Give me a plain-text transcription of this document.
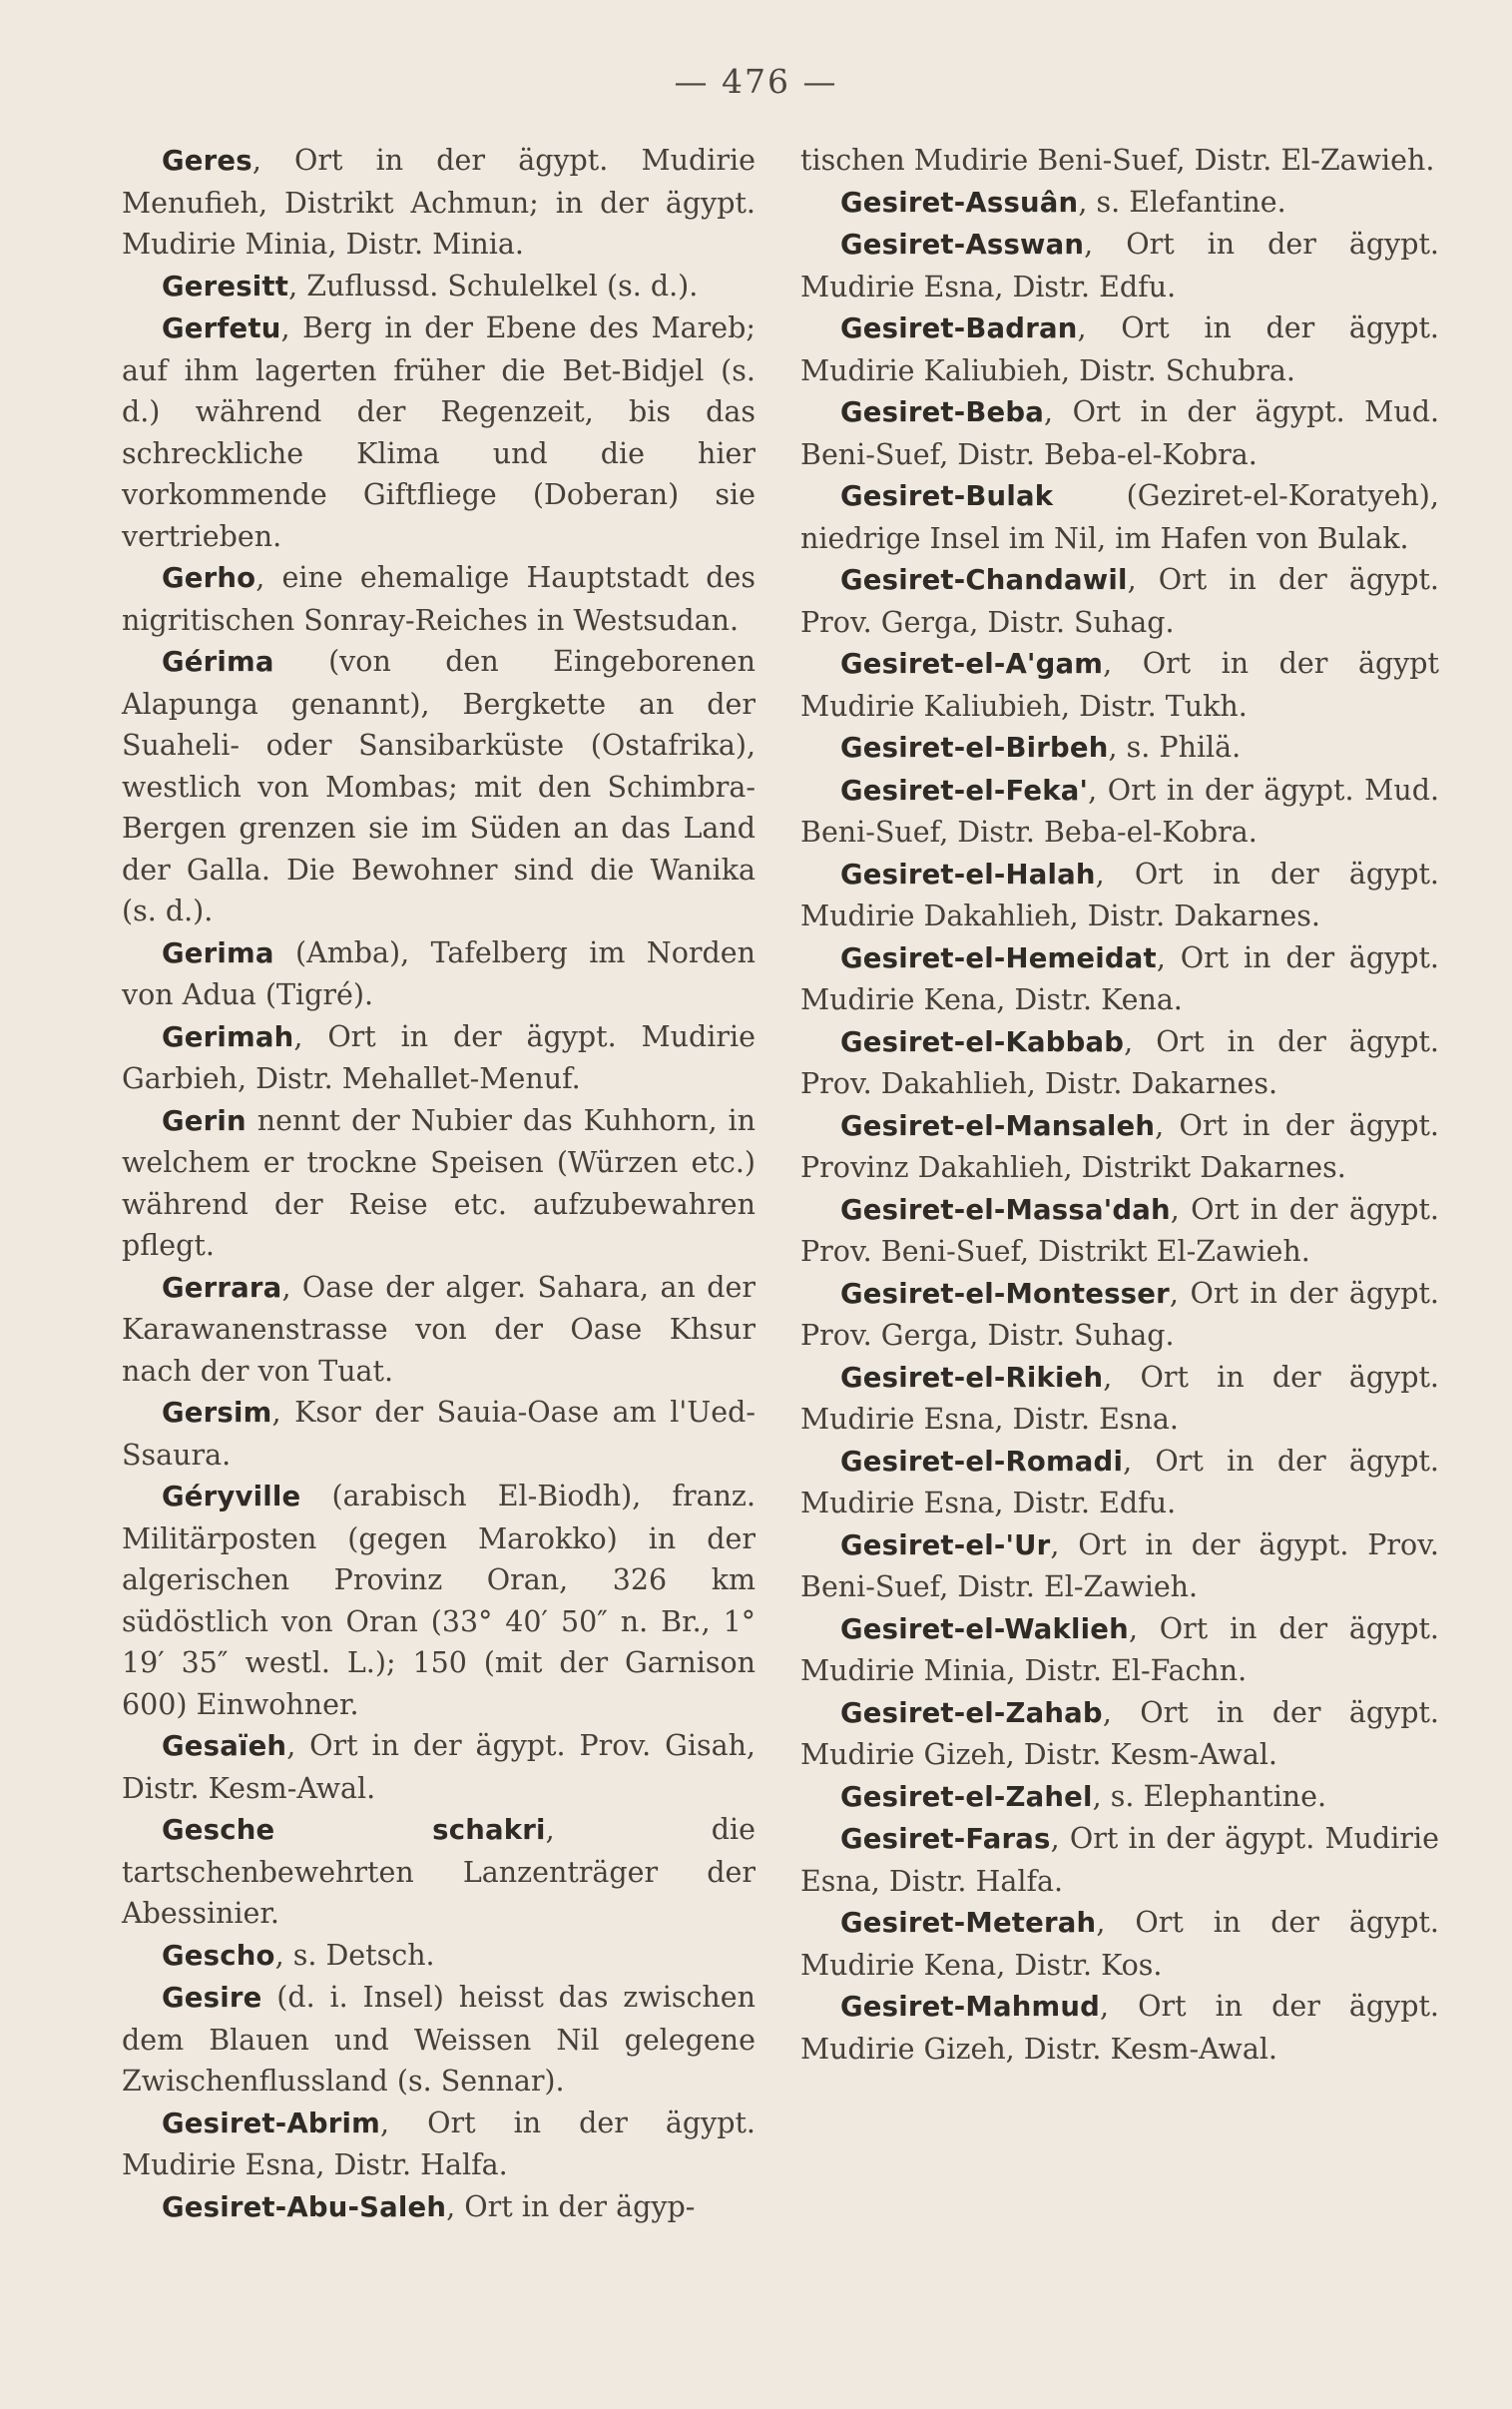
— 476 —

Geres, Ort in der ägypt. Mudirie Menufieh, Distrikt Achmun; in der ägypt. Mudirie Minia, Distr. Minia.

Geresitt, Zuflussd. Schulelkel (s. d.).

Gerfetu, Berg in der Ebene des Mareb; auf ihm lagerten früher die Bet-Bidjel (s. d.) während der Regenzeit, bis das schreckliche Klima und die hier vorkommende Giftfliege (Doberan) sie vertrieben.

Gerho, eine ehemalige Hauptstadt des nigritischen Sonray-Reiches in Westsudan.

Gérima (von den Eingeborenen Alapunga genannt), Bergkette an der Suaheli- oder Sansibarküste (Ostafrika), westlich von Mombas; mit den Schimbra-Bergen grenzen sie im Süden an das Land der Galla. Die Bewohner sind die Wanika (s. d.).

Gerima (Amba), Tafelberg im Norden von Adua (Tigré).

Gerimah, Ort in der ägypt. Mudirie Garbieh, Distr. Mehallet-Menuf.

Gerin nennt der Nubier das Kuhhorn, in welchem er trockne Speisen (Würzen etc.) während der Reise etc. aufzubewahren pflegt.

Gerrara, Oase der alger. Sahara, an der Karawanenstrasse von der Oase Khsur nach der von Tuat.

Gersim, Ksor der Sauia-Oase am l'Ued-Ssaura.

Géryville (arabisch El-Biodh), franz. Militärposten (gegen Marokko) in der algerischen Provinz Oran, 326 km südöstlich von Oran (33° 40′ 50″ n. Br., 1° 19′ 35″ westl. L.); 150 (mit der Garnison 600) Einwohner.

Gesaïeh, Ort in der ägypt. Prov. Gisah, Distr. Kesm-Awal.

Gesche schakri, die tartschenbewehrten Lanzenträger der Abessinier.

Gescho, s. Detsch.

Gesire (d. i. Insel) heisst das zwischen dem Blauen und Weissen Nil gelegene Zwischenflussland (s. Sennar).

Gesiret-Abrim, Ort in der ägypt. Mudirie Esna, Distr. Halfa.

Gesiret-Abu-Saleh, Ort in der ägyp-

tischen Mudirie Beni-Suef, Distr. El-Zawieh.

Gesiret-Assuân, s. Elefantine.

Gesiret-Asswan, Ort in der ägypt. Mudirie Esna, Distr. Edfu.

Gesiret-Badran, Ort in der ägypt. Mudirie Kaliubieh, Distr. Schubra.

Gesiret-Beba, Ort in der ägypt. Mud. Beni-Suef, Distr. Beba-el-Kobra.

Gesiret-Bulak (Geziret-el-Koratyeh), niedrige Insel im Nil, im Hafen von Bulak.

Gesiret-Chandawil, Ort in der ägypt. Prov. Gerga, Distr. Suhag.

Gesiret-el-A'gam, Ort in der ägypt Mudirie Kaliubieh, Distr. Tukh.

Gesiret-el-Birbeh, s. Philä.

Gesiret-el-Feka', Ort in der ägypt. Mud. Beni-Suef, Distr. Beba-el-Kobra.

Gesiret-el-Halah, Ort in der ägypt. Mudirie Dakahlieh, Distr. Dakarnes.

Gesiret-el-Hemeidat, Ort in der ägypt. Mudirie Kena, Distr. Kena.

Gesiret-el-Kabbab, Ort in der ägypt. Prov. Dakahlieh, Distr. Dakarnes.

Gesiret-el-Mansaleh, Ort in der ägypt. Provinz Dakahlieh, Distrikt Dakarnes.

Gesiret-el-Massa'dah, Ort in der ägypt. Prov. Beni-Suef, Distrikt El-Zawieh.

Gesiret-el-Montesser, Ort in der ägypt. Prov. Gerga, Distr. Suhag.

Gesiret-el-Rikieh, Ort in der ägypt. Mudirie Esna, Distr. Esna.

Gesiret-el-Romadi, Ort in der ägypt. Mudirie Esna, Distr. Edfu.

Gesiret-el-'Ur, Ort in der ägypt. Prov. Beni-Suef, Distr. El-Zawieh.

Gesiret-el-Waklieh, Ort in der ägypt. Mudirie Minia, Distr. El-Fachn.

Gesiret-el-Zahab, Ort in der ägypt. Mudirie Gizeh, Distr. Kesm-Awal.

Gesiret-el-Zahel, s. Elephantine.

Gesiret-Faras, Ort in der ägypt. Mudirie Esna, Distr. Halfa.

Gesiret-Meterah, Ort in der ägypt. Mudirie Kena, Distr. Kos.

Gesiret-Mahmud, Ort in der ägypt. Mudirie Gizeh, Distr. Kesm-Awal.
